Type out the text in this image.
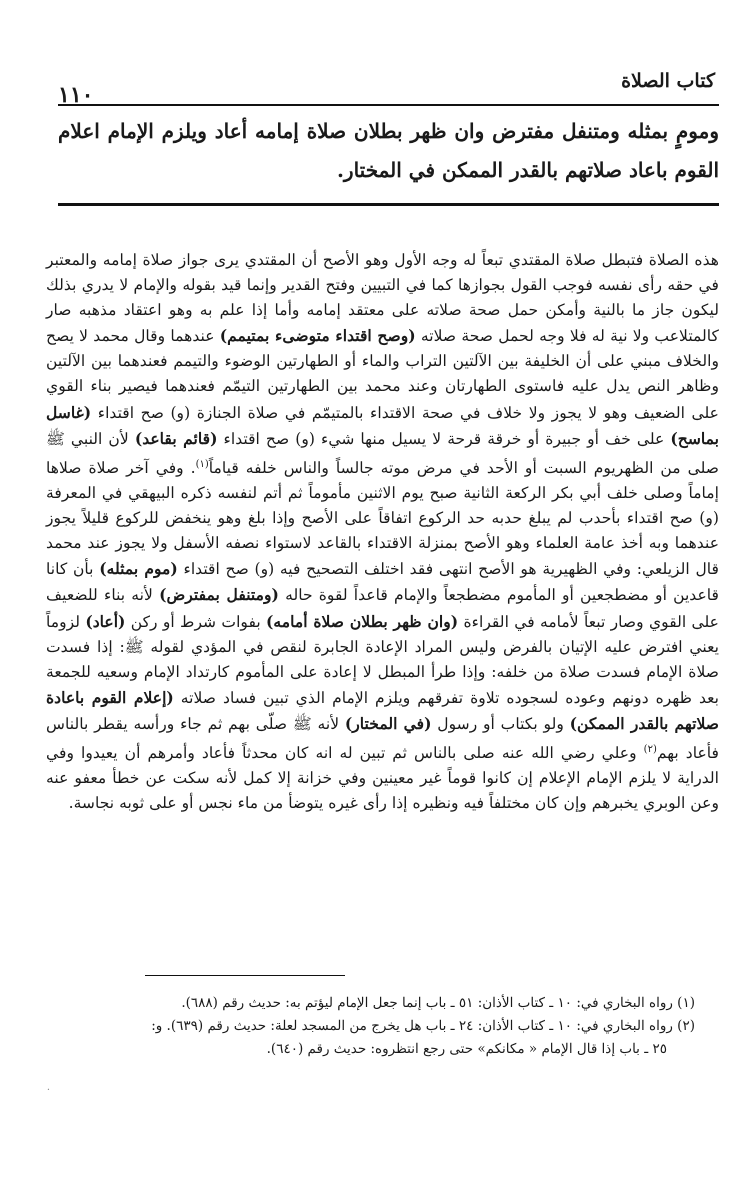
كتاب الصلاة
١١٠
ومومٍ بمثله ومتنفل مفترض وان ظهر بطلان صلاة إمامه أعاد ويلزم الإمام اعلام القوم باعاد صلاتهم بالقدر الممكن في المختار.
هذه الصلاة فتبطل صلاة المقتدي تبعاً له وجه الأول وهو الأصح أن المقتدي يرى جواز صلاة إمامه والمعتبر في حقه رأى نفسه فوجب القول بجوازها كما في التبيين وفتح القدير وإنما قيد بقوله والإمام لا يدري بذلك ليكون جاز ما بالنية وأمكن حمل صحة صلاته على معتقد إمامه وأما إذا علم به وهو اعتقاد مذهبه صار كالمتلاعب ولا نية له فلا وجه لحمل صحة صلاته (وصح اقتداء متوضىء بمتيمم) عندهما وقال محمد لا يصح والخلاف مبني على أن الخليفة بين الآلتين التراب والماء أو الطهارتين الوضوء والتيمم فعندهما بين الآلتين وظاهر النص يدل عليه فاستوى الطهارتان وعند محمد بين الطهارتين التيمّم فعندهما فيصير بناء القوي على الضعيف وهو لا يجوز ولا خلاف في صحة الاقتداء بالمتيمّم في صلاة الجنازة (و) صح اقتداء (غاسل بماسح) على خف أو جبيرة أو خرقة قرحة لا يسيل منها شيء (و) صح اقتداء (قائم بقاعد) لأن النبي ﷺ صلى من الظهريوم السبت أو الأحد في مرض موته جالساً والناس خلفه قياماً$^{(١)}$. وفي آخر صلاة صلاها إماماً وصلى خلف أبي بكر الركعة الثانية صبح يوم الاثنين مأموماً ثم أتم لنفسه ذكره البيهقي في المعرفة (و) صح اقتداء بأحدب لم يبلغ حدبه حد الركوع اتفاقاً على الأصح وإذا بلغ وهو ينخفض للركوع قليلاً يجوز عندهما وبه أخذ عامة العلماء وهو الأصح بمنزلة الاقتداء بالقاعد لاستواء نصفه الأسفل ولا يجوز عند محمد قال الزيلعي: وفي الظهيرية هو الأصح انتهى فقد اختلف التصحيح فيه (و) صح اقتداء (موم بمثله) بأن كانا قاعدين أو مضطجعين أو المأموم مضطجعاً والإمام قاعداً لقوة حاله (ومتنفل بمفترض) لأنه بناء للضعيف على القوي وصار تبعاً لأمامه في القراءة (وان ظهر بطلان صلاة أمامه) بفوات شرط أو ركن (أعاد) لزوماً يعني افترض عليه الإتيان بالفرض وليس المراد الإعادة الجابرة لنقص في المؤدي لقوله ﷺ: إذا فسدت صلاة الإمام فسدت صلاة من خلفه: وإذا طرأ المبطل لا إعادة على المأموم كارتداد الإمام وسعيه للجمعة بعد ظهره دونهم وعوده لسجوده تلاوة تفرقهم ويلزم الإمام الذي تبين فساد صلاته (إعلام القوم باعادة صلاتهم بالقدر الممكن) ولو بكتاب أو رسول (في المختار) لأنه ﷺ صلّى بهم ثم جاء ورأسه يقطر بالناس فأعاد بهم$^{(٢)}$ وعلي رضي الله عنه صلى بالناس ثم تبين له انه كان محدثاً فأعاد وأمرهم أن يعيدوا وفي الدراية لا يلزم الإمام الإعلام إن كانوا قوماً غير معينين وفي خزانة إلا كمل لأنه سكت عن خطأ معفو عنه وعن الوبري يخبرهم وإن كان مختلفاً فيه ونظيره إذا رأى غيره يتوضأ من ماء نجس أو على ثوبه نجاسة.

(١) رواه البخاري في: ١٠ ـ كتاب الأذان: ٥١ ـ باب إنما جعل الإمام ليؤتم به: حديث رقم (٦٨٨).

(٢) رواه البخاري في: ١٠ ـ كتاب الأذان: ٢٤ ـ باب هل يخرج من المسجد لعلة: حديث رقم (٦٣٩). و:

٢٥ ـ باب إذا قال الإمام « مكانكم» حتى رجع انتظروه: حديث رقم (٦٤٠).

·
